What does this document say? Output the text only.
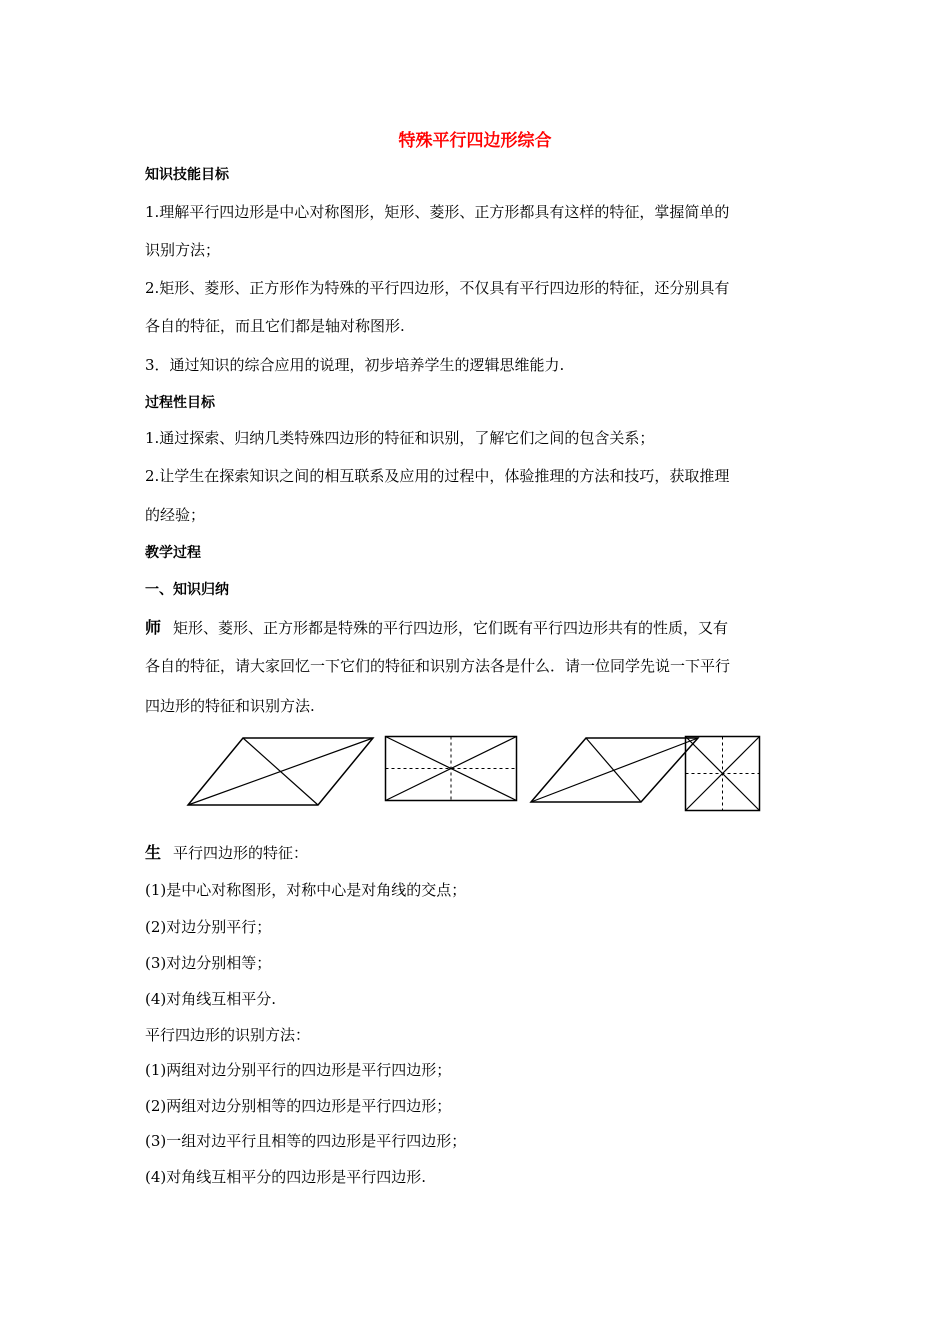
特殊平行四边形综合
知识技能目标
1.理解平行四边形是中心对称图形，矩形、菱形、正方形都具有这样的特征，掌握简单的
识别方法；
2.矩形、菱形、正方形作为特殊的平行四边形，不仅具有平行四边形的特征，还分别具有
各自的特征，而且它们都是轴对称图形.
3．通过知识的综合应用的说理，初步培养学生的逻辑思维能力.
过程性目标
1.通过探索、归纳几类特殊四边形的特征和识别，了解它们之间的包含关系；
2.让学生在探索知识之间的相互联系及应用的过程中，体验推理的方法和技巧，获取推理
的经验；
教学过程
一、知识归纳
师 矩形、菱形、正方形都是特殊的平行四边形，它们既有平行四边形共有的性质，又有
各自的特征，请大家回忆一下它们的特征和识别方法各是什么．请一位同学先说一下平行
四边形的特征和识别方法.
生 平行四边形的特征：
(1)是中心对称图形，对称中心是对角线的交点；
(2)对边分别平行；
(3)对边分别相等；
(4)对角线互相平分.
平行四边形的识别方法：
(1)两组对边分别平行的四边形是平行四边形；
(2)两组对边分别相等的四边形是平行四边形；
(3)一组对边平行且相等的四边形是平行四边形；
(4)对角线互相平分的四边形是平行四边形.
